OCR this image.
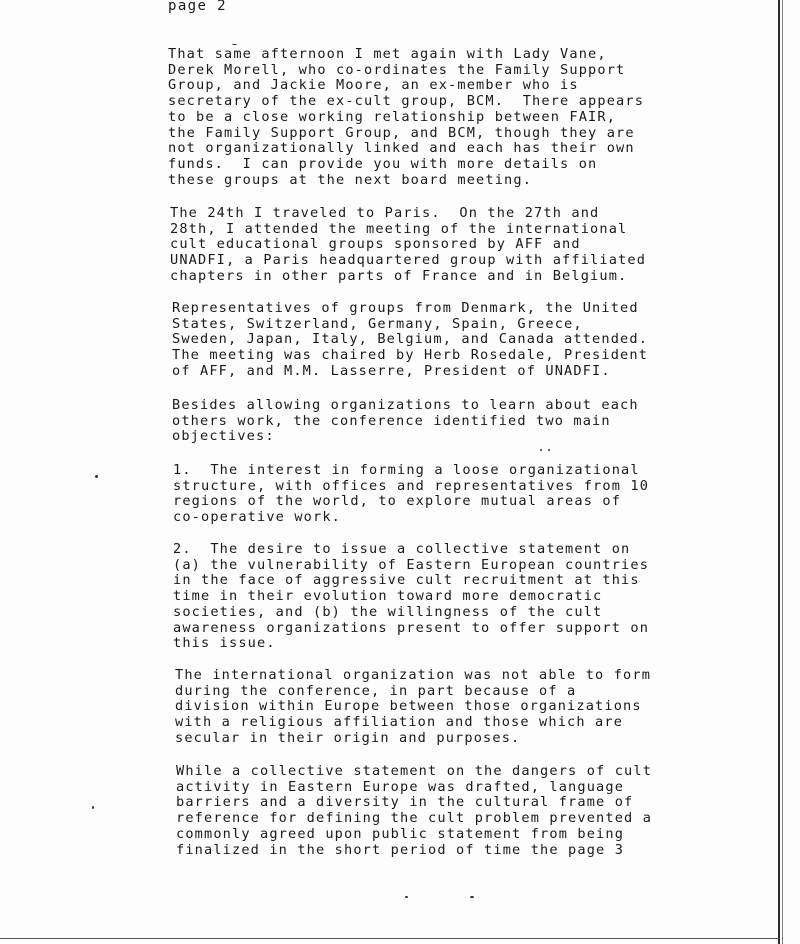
page 2

That same afternoon I met again with Lady Vane,
Derek Morell, who co-ordinates the Family Support
Group, and Jackie Moore, an ex-member who is
secretary of the ex-cult group, BCM.  There appears
to be a close working relationship between FAIR,
the Family Support Group, and BCM, though they are
not organizationally linked and each has their own
funds.  I can provide you with more details on
these groups at the next board meeting.

The 24th I traveled to Paris.  On the 27th and
28th, I attended the meeting of the international
cult educational groups sponsored by AFF and
UNADFI, a Paris headquartered group with affiliated
chapters in other parts of France and in Belgium.

Representatives of groups from Denmark, the United
States, Switzerland, Germany, Spain, Greece,
Sweden, Japan, Italy, Belgium, and Canada attended.
The meeting was chaired by Herb Rosedale, President
of AFF, and M.M. Lasserre, President of UNADFI.

Besides allowing organizations to learn about each
others work, the conference identified two main
objectives:

1.  The interest in forming a loose organizational
structure, with offices and representatives from 10
regions of the world, to explore mutual areas of
co-operative work.

2.  The desire to issue a collective statement on
(a) the vulnerability of Eastern European countries
in the face of aggressive cult recruitment at this
time in their evolution toward more democratic
societies, and (b) the willingness of the cult
awareness organizations present to offer support on
this issue.

The international organization was not able to form
during the conference, in part because of a
division within Europe between those organizations
with a religious affiliation and those which are
secular in their origin and purposes.

While a collective statement on the dangers of cult
activity in Eastern Europe was drafted, language
barriers and a diversity in the cultural frame of
reference for defining the cult problem prevented a
commonly agreed upon public statement from being
finalized in the short period of time the page 3
